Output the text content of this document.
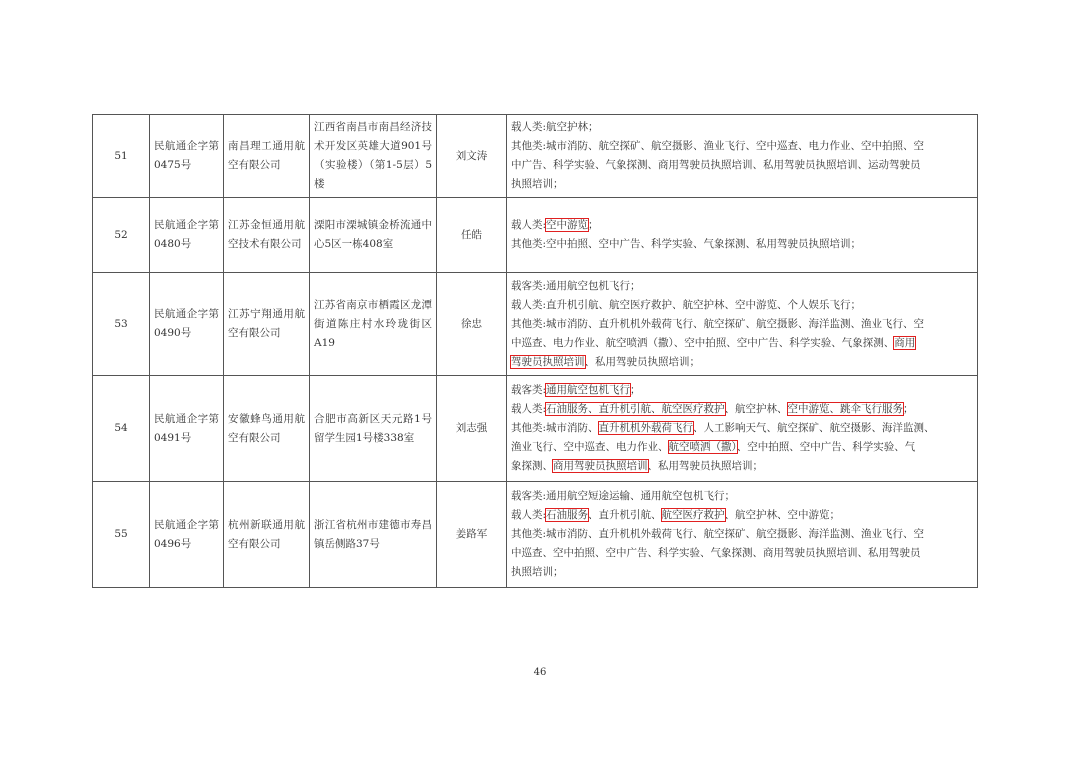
51	民航通企字第0475号	南昌理工通用航空有限公司	江西省南昌市南昌经济技术开发区英雄大道901号（实验楼）（第1-5层）5楼	刘文涛	载人类:航空护林；
其他类:城市消防、航空探矿、航空摄影、渔业飞行、空中巡查、电力作业、空中拍照、空
中广告、科学实验、气象探测、商用驾驶员执照培训、私用驾驶员执照培训、运动驾驶员
执照培训；

52	民航通企字第0480号	江苏金恒通用航空技术有限公司	溧阳市溧城镇金桥流通中心5区一栋408室	任皓	载人类:空中游览；
其他类:空中拍照、空中广告、科学实验、气象探测、私用驾驶员执照培训；

53	民航通企字第0490号	江苏宁翔通用航空有限公司	江苏省南京市栖霞区龙潭街道陈庄村水玲珑街区A19	徐忠	载客类:通用航空包机飞行；
载人类:直升机引航、航空医疗救护、航空护林、空中游览、个人娱乐飞行；
其他类:城市消防、直升机机外载荷飞行、航空探矿、航空摄影、海洋监测、渔业飞行、空
中巡查、电力作业、航空喷洒（撒）、空中拍照、空中广告、科学实验、气象探测、商用
驾驶员执照培训、私用驾驶员执照培训；

54	民航通企字第0491号	安徽蜂鸟通用航空有限公司	合肥市高新区天元路1号留学生园1号楼338室	刘志强	载客类:通用航空包机飞行；
载人类:石油服务、直升机引航、航空医疗救护、航空护林、空中游览、跳伞飞行服务；
其他类:城市消防、直升机机外载荷飞行、人工影响天气、航空探矿、航空摄影、海洋监测、
渔业飞行、空中巡查、电力作业、航空喷洒（撒）、空中拍照、空中广告、科学实验、气
象探测、商用驾驶员执照培训、私用驾驶员执照培训；

55	民航通企字第0496号	杭州新联通用航空有限公司	浙江省杭州市建德市寿昌镇岳侧路37号	姜路军	载客类:通用航空短途运输、通用航空包机飞行；
载人类:石油服务、直升机引航、航空医疗救护、航空护林、空中游览；
其他类:城市消防、直升机机外载荷飞行、航空探矿、航空摄影、海洋监测、渔业飞行、空
中巡查、空中拍照、空中广告、科学实验、气象探测、商用驾驶员执照培训、私用驾驶员
执照培训；
46
